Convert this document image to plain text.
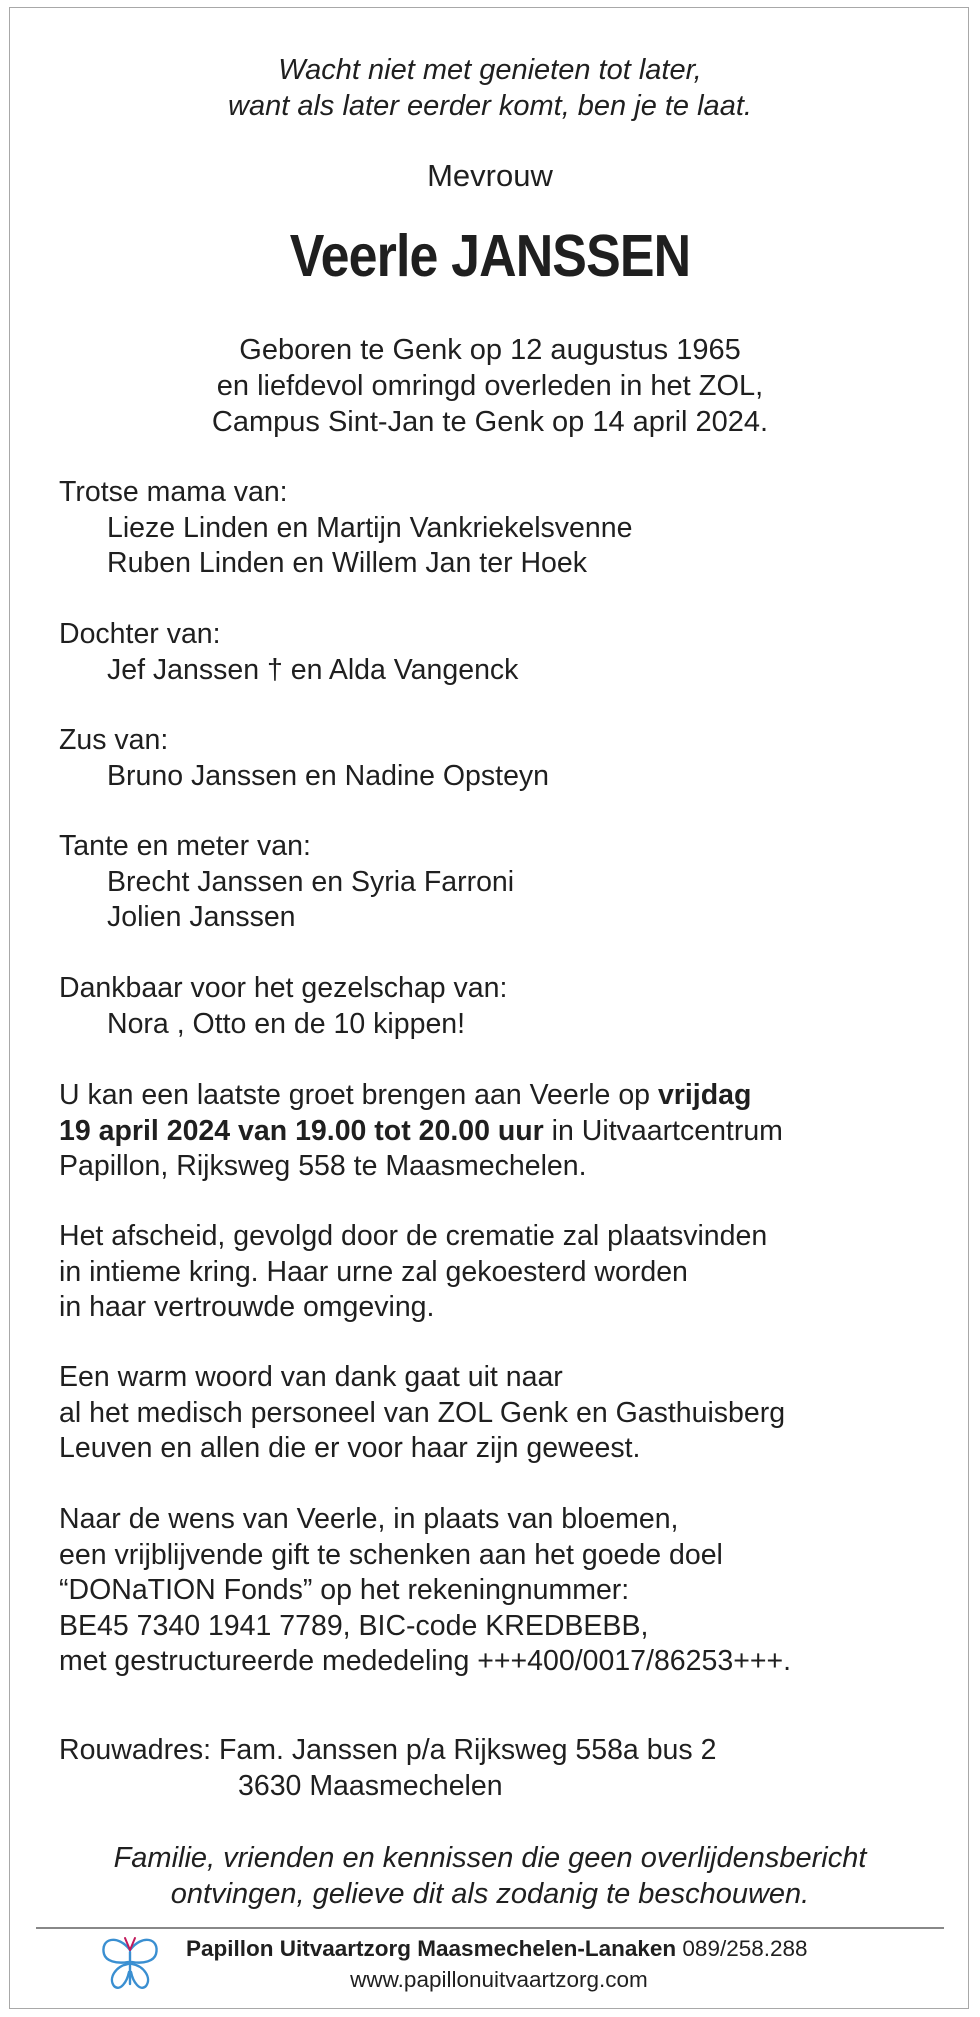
Wacht niet met genieten tot later,
want als later eerder komt, ben je te laat.
Mevrouw
Veerle JANSSEN
Geboren te Genk op 12 augustus 1965
en liefdevol omringd overleden in het ZOL,
Campus Sint-Jan te Genk op 14 april 2024.
Trotse mama van:
Lieze Linden en Martijn Vankriekelsvenne
Ruben Linden en Willem Jan ter Hoek
Dochter van:
Jef Janssen † en Alda Vangenck
Zus van:
Bruno Janssen en Nadine Opsteyn
Tante en meter van:
Brecht Janssen en Syria Farroni
Jolien Janssen
Dankbaar voor het gezelschap van:
Nora , Otto en de 10 kippen!
U kan een laatste groet brengen aan Veerle op vrijdag
19 april 2024 van 19.00 tot 20.00 uur in Uitvaartcentrum
Papillon, Rijksweg 558 te Maasmechelen.
Het afscheid, gevolgd door de crematie zal plaatsvinden
in intieme kring. Haar urne zal gekoesterd worden
in haar vertrouwde omgeving.
Een warm woord van dank gaat uit naar
al het medisch personeel van ZOL Genk en Gasthuisberg
Leuven en allen die er voor haar zijn geweest.
Naar de wens van Veerle, in plaats van bloemen,
een vrijblijvende gift te schenken aan het goede doel
“DONaTION Fonds” op het rekeningnummer:
BE45 7340 1941 7789, BIC-code KREDBEBB,
met gestructureerde mededeling +++400/0017/86253+++.
Rouwadres: Fam. Janssen p/a Rijksweg 558a bus 2
3630 Maasmechelen
Familie, vrienden en kennissen die geen overlijdensbericht
ontvingen, gelieve dit als zodanig te beschouwen.
Papillon Uitvaartzorg Maasmechelen-Lanaken 089/258.288
www.papillonuitvaartzorg.com
